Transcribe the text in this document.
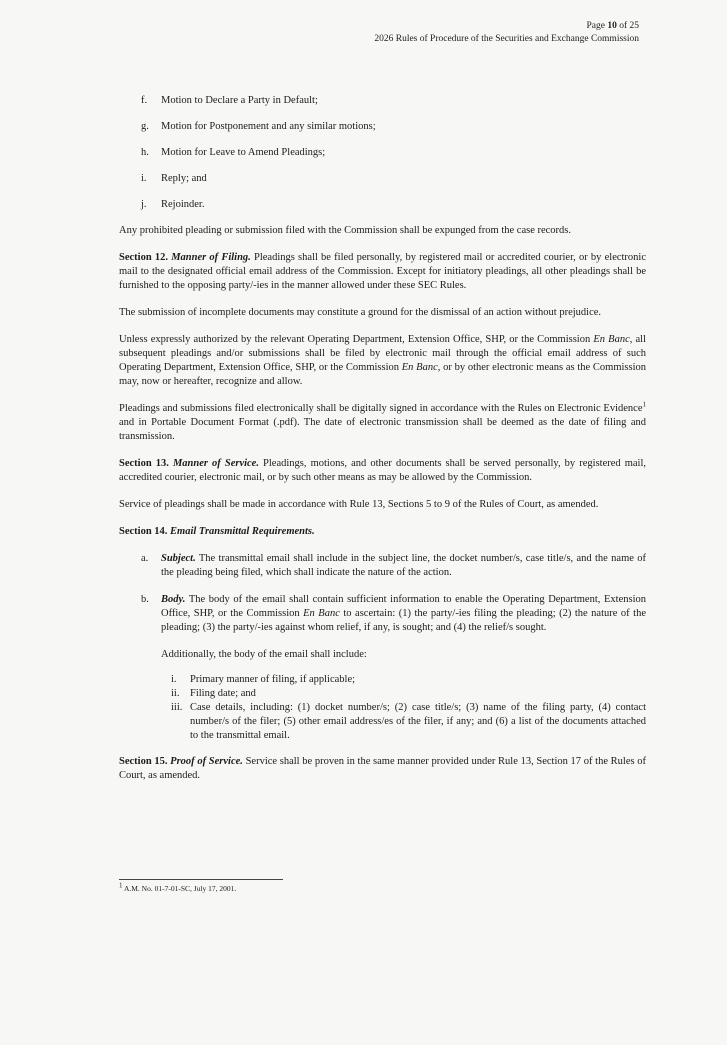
Page 10 of 25
2026 Rules of Procedure of the Securities and Exchange Commission
f. Motion to Declare a Party in Default;
g. Motion for Postponement and any similar motions;
h. Motion for Leave to Amend Pleadings;
i. Reply; and
j. Rejoinder.

Any prohibited pleading or submission filed with the Commission shall be expunged from the case records.

Section 12. Manner of Filing. Pleadings shall be filed personally, by registered mail or accredited courier, or by electronic mail to the designated official email address of the Commission. Except for initiatory pleadings, all other pleadings shall be furnished to the opposing party/-ies in the manner allowed under these SEC Rules.

The submission of incomplete documents may constitute a ground for the dismissal of an action without prejudice.

Unless expressly authorized by the relevant Operating Department, Extension Office, SHP, or the Commission En Banc, all subsequent pleadings and/or submissions shall be filed by electronic mail through the official email address of such Operating Department, Extension Office, SHP, or the Commission En Banc, or by other electronic means as the Commission may, now or hereafter, recognize and allow.

Pleadings and submissions filed electronically shall be digitally signed in accordance with the Rules on Electronic Evidence$^1$ and in Portable Document Format (.pdf). The date of electronic transmission shall be deemed as the date of filing and transmission.

Section 13. Manner of Service. Pleadings, motions, and other documents shall be served personally, by registered mail, accredited courier, electronic mail, or by such other means as may be allowed by the Commission.

Service of pleadings shall be made in accordance with Rule 13, Sections 5 to 9 of the Rules of Court, as amended.

Section 14. Email Transmittal Requirements.

a. Subject. The transmittal email shall include in the subject line, the docket number/s, case title/s, and the name of the pleading being filed, which shall indicate the nature of the action.
b. Body. The body of the email shall contain sufficient information to enable the Operating Department, Extension Office, SHP, or the Commission En Banc to ascertain: (1) the party/-ies filing the pleading; (2) the nature of the pleading; (3) the party/-ies against whom relief, if any, is sought; and (4) the relief/s sought.
Additionally, the body of the email shall include:
i. Primary manner of filing, if applicable;
ii. Filing date; and
iii. Case details, including: (1) docket number/s; (2) case title/s; (3) name of the filing party, (4) contact number/s of the filer; (5) other email address/es of the filer, if any; and (6) a list of the documents attached to the transmittal email.

Section 15. Proof of Service. Service shall be proven in the same manner provided under Rule 13, Section 17 of the Rules of Court, as amended.

$^1$ A.M. No. 01-7-01-SC, July 17, 2001.
